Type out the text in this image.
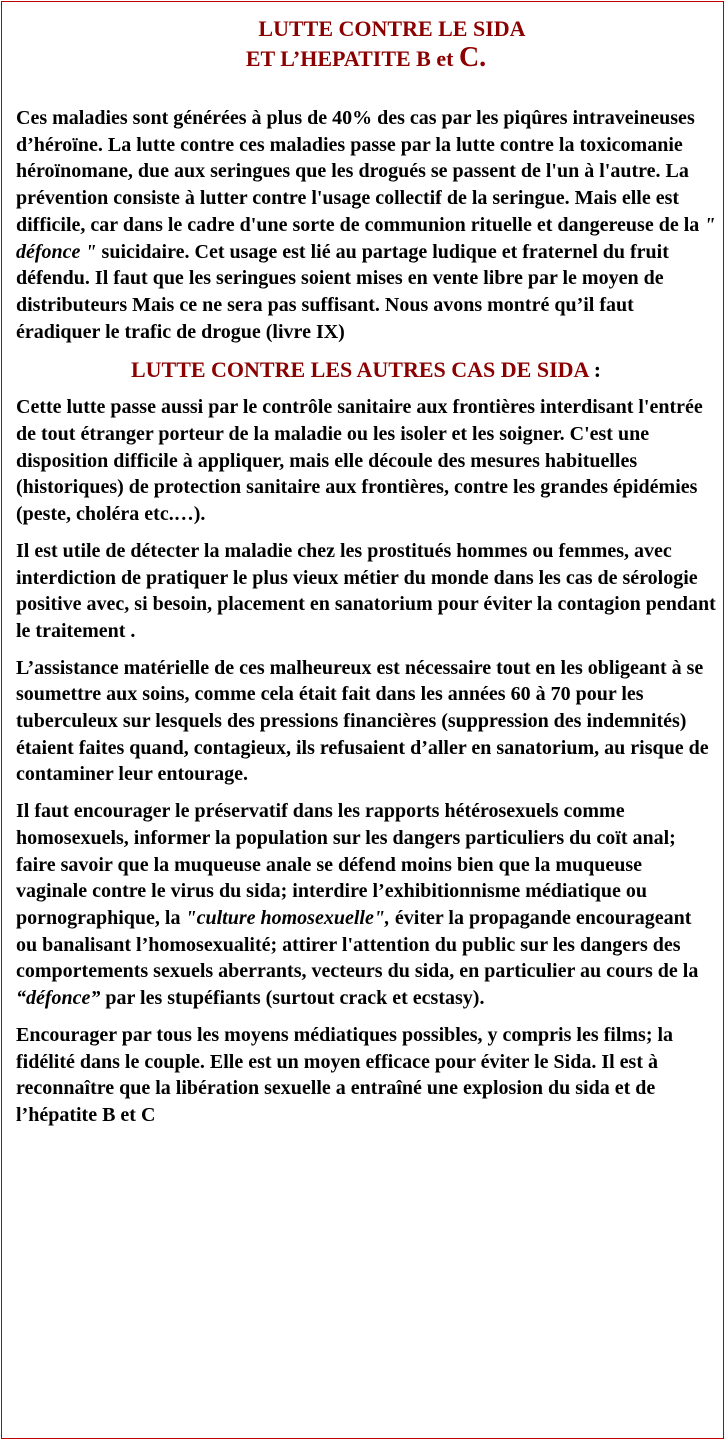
LUTTE CONTRE LE SIDA
ET L’HEPATITE B et C.

Ces maladies sont générées à plus de 40% des cas par les piqûres intraveineuses d’héroïne. La lutte contre ces maladies passe par la lutte contre la toxicomanie héroïnomane, due aux seringues que les drogués se passent de l'un à l'autre. La prévention consiste à lutter contre l'usage collectif de la seringue. Mais elle est difficile, car dans le cadre d'une sorte de communion rituelle et dangereuse de la " défonce " suicidaire. Cet usage est lié au partage ludique et fraternel du fruit défendu. Il faut que les seringues soient mises en vente libre par le moyen de distributeurs Mais ce ne sera pas suffisant. Nous avons montré qu’il faut éradiquer le trafic de drogue (livre IX)

LUTTE CONTRE LES AUTRES CAS DE SIDA :

Cette lutte passe aussi par le contrôle sanitaire aux frontières interdisant l'entrée de tout étranger porteur de la maladie ou les isoler et les soigner. C'est une disposition difficile à appliquer, mais elle découle des mesures habituelles (historiques) de protection sanitaire aux frontières, contre les grandes épidémies (peste, choléra etc.…).

Il est utile de détecter la maladie chez les prostitués hommes ou femmes, avec interdiction de pratiquer le plus vieux métier du monde dans les cas de sérologie positive avec, si besoin, placement en sanatorium pour éviter la contagion pendant le traitement .

L’assistance matérielle de ces malheureux est nécessaire tout en les obligeant à se soumettre aux soins, comme cela était fait dans les années 60 à 70 pour les tuberculeux sur lesquels des pressions financières (suppression des indemnités) étaient faites quand, contagieux, ils refusaient d’aller en sanatorium, au risque de contaminer leur entourage.

Il faut encourager le préservatif dans les rapports hétérosexuels comme homosexuels, informer la population sur les dangers particuliers du coït anal; faire savoir que la muqueuse anale se défend moins bien que la muqueuse vaginale contre le virus du sida; interdire l’exhibitionnisme médiatique ou pornographique, la "culture homosexuelle", éviter la propagande encourageant ou banalisant l’homosexualité; attirer l'attention du public sur les dangers des comportements sexuels aberrants, vecteurs du sida, en particulier au cours de la “défonce” par les stupéfiants (surtout crack et ecstasy).

Encourager par tous les moyens médiatiques possibles, y compris les films; la fidélité dans le couple. Elle est un moyen efficace pour éviter le Sida. Il est à reconnaître que la libération sexuelle a entraîné une explosion du sida et de l’hépatite B et C
